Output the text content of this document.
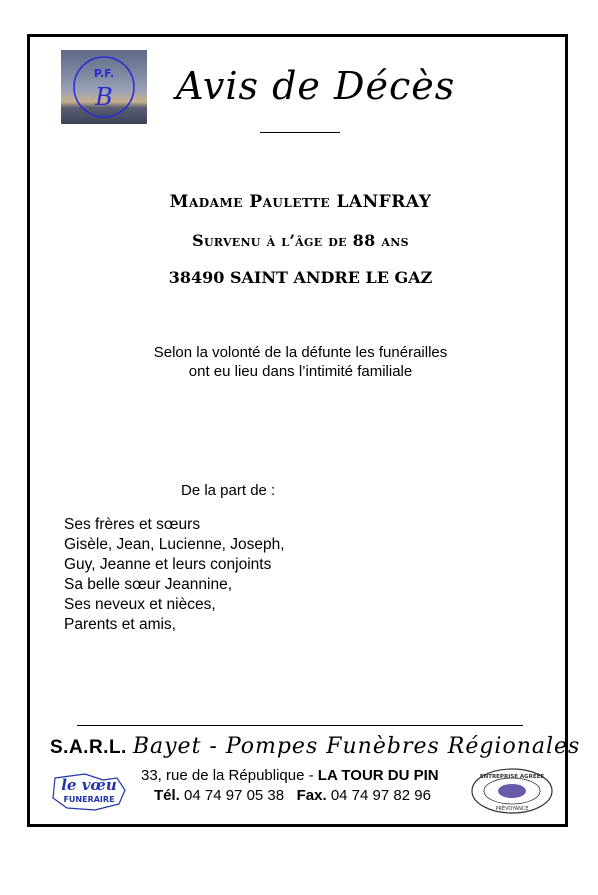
P.F.
B Avis de Décès
Madame Paulette LANFRAY
Survenu à l’âge de 88 ans
38490 SAINT ANDRE LE GAZ
Selon la volonté de la défunte les funérailles
ont eu lieu dans l’intimité familiale
De la part de :
Ses frères et sœurs
Gisèle, Jean, Lucienne, Joseph,
Guy, Jeanne et leurs conjoints
Sa belle sœur Jeannine,
Ses neveux et nièces,
Parents et amis,
S.A.R.L. Bayet - Pompes Funèbres Régionales
33, rue de la République - LA TOUR DU PIN
Tél. 04 74 97 05 38 Fax. 04 74 97 82 96
le vœu
FUNERAIRE
ENTREPRISE AGRÉÉE
PRÉVOYANCE
